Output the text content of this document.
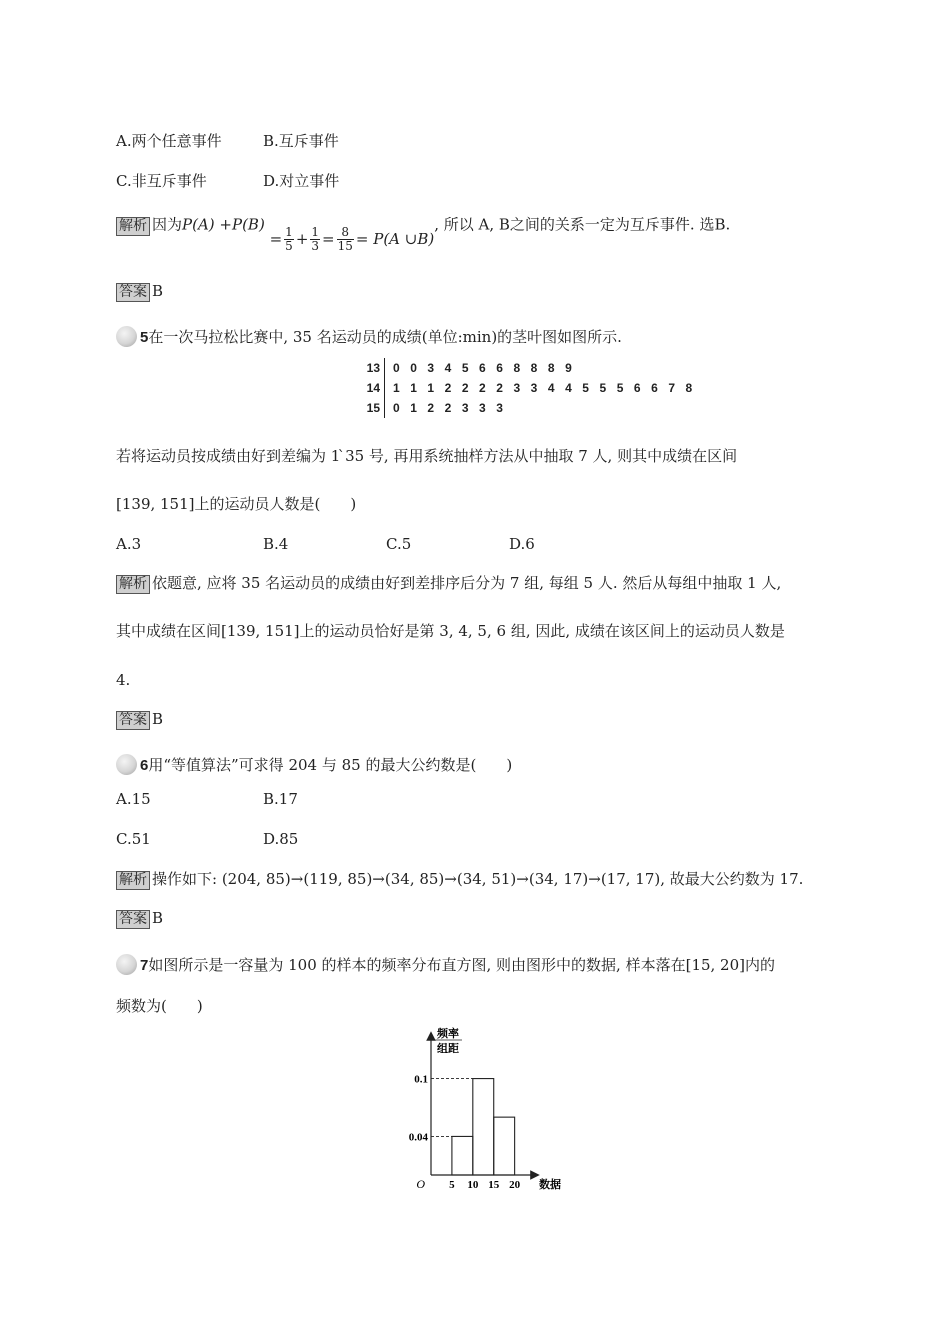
A.两个任意事件	B.互斥事件
C.非互斥事件	D.对立事件
解析 因为$P(A) +P(B) = \frac{1}{5} + \frac{1}{3} = \frac{8}{15} = P(A$ ∪B), 所以 A, B之间的关系一定为互斥事件. 选B.
答案 B
5在一次马拉松比赛中, 35 名运动员的成绩(单位:min)的茎叶图如图所示.
13	0 0 3 4 5 6 6 8 8 8 9
14	1 1 1 2 2 2 2 3 3 4 4 5 5 5 6 6 7 8
15	0 1 2 2 3 3 3
若将运动员按成绩由好到差编为 1 ̀35 号, 再用系统抽样方法从中抽取 7 人, 则其中成绩在区间
[139, 151]上的运动员人数是(　　)
A.3	B.4	C.5	D.6
解析 依题意, 应将 35 名运动员的成绩由好到差排序后分为 7 组, 每组 5 人. 然后从每组中抽取 1 人,
其中成绩在区间[139, 151]上的运动员恰好是第 3, 4, 5, 6 组, 因此, 成绩在该区间上的运动员人数是
4.
答案 B
6用“等值算法”可求得 204 与 85 的最大公约数是(　　)
A.15	B.17
C.51	D.85
解析 操作如下: (204, 85)→(119, 85)→(34, 85)→(34, 51)→(34, 17)→(17, 17), 故最大公约数为 17.
答案 B
7如图所示是一容量为 100 的样本的频率分布直方图, 则由图形中的数据, 样本落在[15, 20]内的
频数为(　　)
5 10 15 20
0.04
0.1
O	数据
频率
组距
